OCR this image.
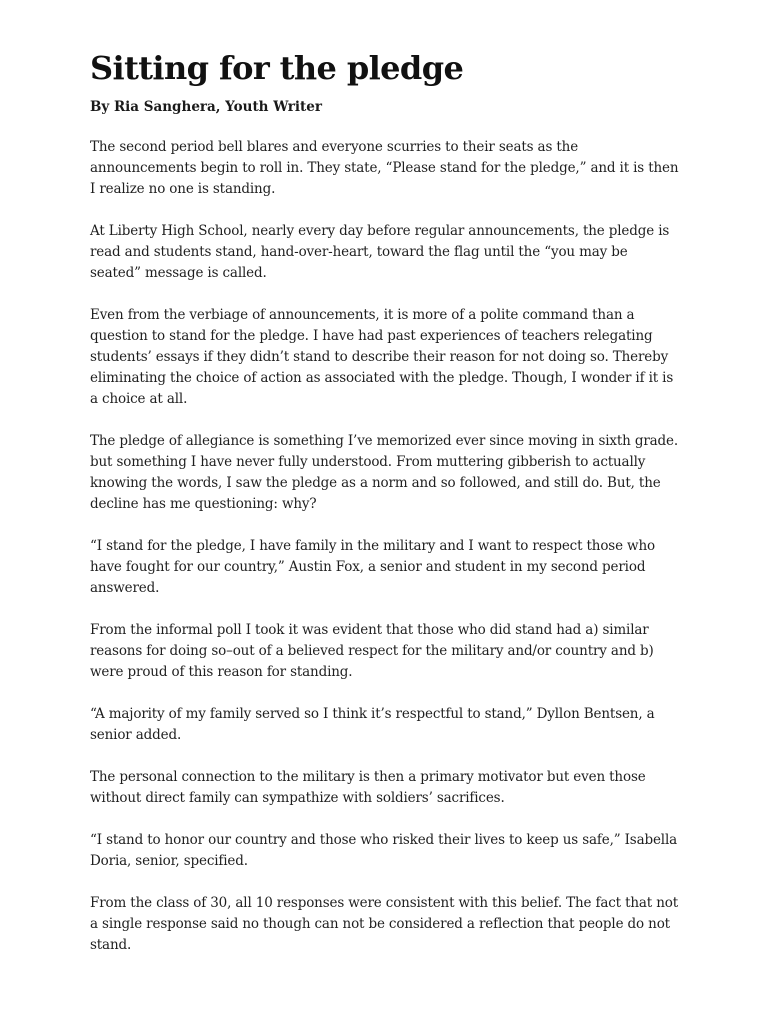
Sitting for the pledge
By Ria Sanghera, Youth Writer

The second period bell blares and everyone scurries to their seats as the announcements begin to roll in. They state, “Please stand for the pledge,” and it is then I realize no one is standing.

At Liberty High School, nearly every day before regular announcements, the pledge is read and students stand, hand-over-heart, toward the flag until the “you may be seated” message is called.

Even from the verbiage of announcements, it is more of a polite command than a question to stand for the pledge. I have had past experiences of teachers relegating students’ essays if they didn’t stand to describe their reason for not doing so. Thereby eliminating the choice of action as associated with the pledge. Though, I wonder if it is a choice at all.

The pledge of allegiance is something I’ve memorized ever since moving in sixth grade. but something I have never fully understood. From muttering gibberish to actually knowing the words, I saw the pledge as a norm and so followed, and still do. But, the decline has me questioning: why?

“I stand for the pledge, I have family in the military and I want to respect those who have fought for our country,” Austin Fox, a senior and student in my second period answered.

From the informal poll I took it was evident that those who did stand had a) similar reasons for doing so–out of a believed respect for the military and/or country and b) were proud of this reason for standing.

“A majority of my family served so I think it’s respectful to stand,” Dyllon Bentsen, a senior added.

The personal connection to the military is then a primary motivator but even those without direct family can sympathize with soldiers’ sacrifices.

“I stand to honor our country and those who risked their lives to keep us safe,” Isabella Doria, senior, specified.

From the class of 30, all 10 responses were consistent with this belief. The fact that not a single response said no though can not be considered a reflection that people do not stand.
